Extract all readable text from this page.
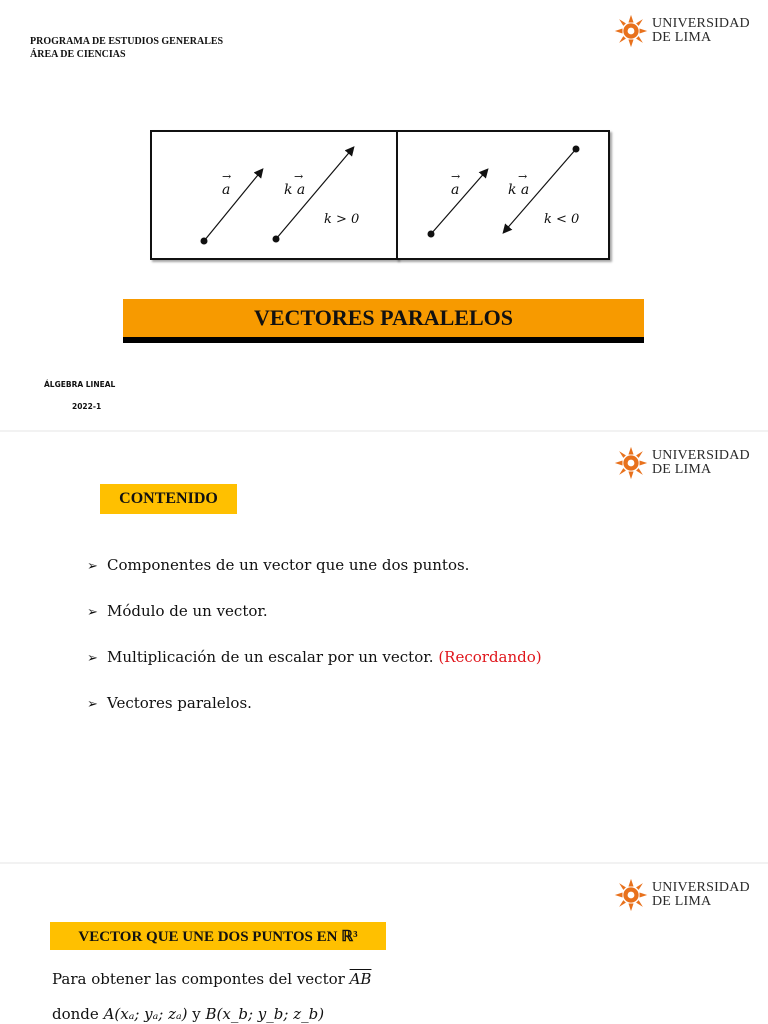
PROGRAMA DE ESTUDIOS GENERALES
ÁREA DE CIENCIAS
UNIVERSIDAD
DE LIMA
→
a
→
k a
k > 0
→
a
→
k a
k < 0
VECTORES PARALELOS
ÁLGEBRA LINEAL
2022-1
UNIVERSIDAD
DE LIMA
CONTENIDO
➢ Componentes de un vector que une dos puntos.
➢ Módulo de un vector.
➢ Multiplicación de un escalar por un vector. (Recordando)
➢ Vectores paralelos.
UNIVERSIDAD
DE LIMA
VECTOR QUE UNE DOS PUNTOS EN ℝ³
Para obtener las compontes del vector $\overline{AB}$
donde A(xₐ; yₐ; zₐ) y B(x_b; y_b; z_b)
